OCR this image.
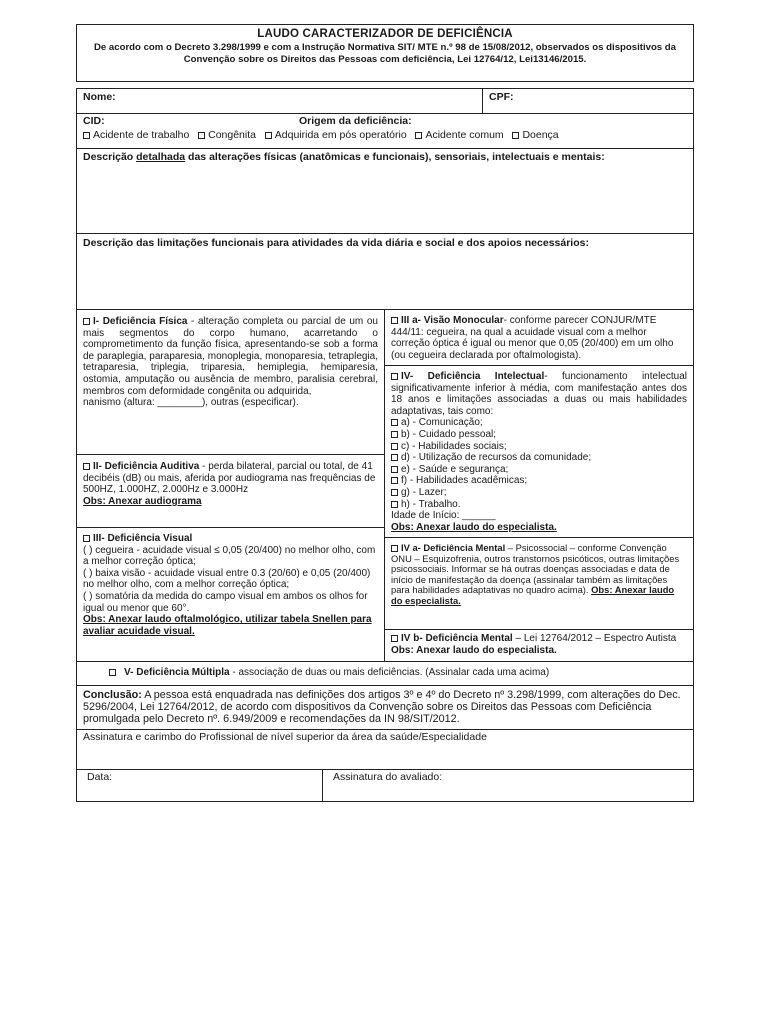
LAUDO CARACTERIZADOR DE DEFICIÊNCIA
De acordo com o Decreto 3.298/1999 e com a Instrução Normativa SIT/ MTE n.º 98 de 15/08/2012, observados os dispositivos da Convenção sobre os Direitos das Pessoas com deficiência, Lei 12764/12, Lei13146/2015.
Nome:	CPF:
CID:	Origem da deficiência:
Acidente de trabalho Congênita Adquirida em pós operatório Acidente comum Doença
Descrição detalhada das alterações físicas (anatômicas e funcionais), sensoriais, intelectuais e mentais:
Descrição das limitações funcionais para atividades da vida diária e social e dos apoios necessários:
I- Deficiência Física - alteração completa ou parcial de um ou mais segmentos do corpo humano, acarretando o comprometimento da função física, apresentando-se sob a forma de paraplegia, paraparesia, monoplegia, monoparesia, tetraplegia, tetraparesia, triplegia, triparesia, hemiplegia, hemiparesia, ostomia, amputação ou ausência de membro, paralisia cerebral, membros com deformidade congênita ou adquirida,
nanismo (altura: ________), outras (especificar).
II- Deficiência Auditiva - perda bilateral, parcial ou total, de 41 decibéis (dB) ou mais, aferida por audiograma nas frequências de 500HZ, 1.000HZ, 2.000Hz e 3.000Hz
Obs: Anexar audiograma
III- Deficiência Visual
( ) cegueira - acuidade visual ≤ 0,05 (20/400) no melhor olho, com a melhor correção óptica;
( ) baixa visão - acuidade visual entre 0.3 (20/60) e 0,05 (20/400) no melhor olho, com a melhor correção óptica;
( ) somatória da medida do campo visual em ambos os olhos for igual ou menor que 60°.
Obs: Anexar laudo oftalmológico, utilizar tabela Snellen para avaliar acuidade visual.
III a- Visão Monocular- conforme parecer CONJUR/MTE 444/11: cegueira, na qual a acuidade visual com a melhor correção óptica é igual ou menor que 0,05 (20/400) em um olho (ou cegueira declarada por oftalmologista).
IV- Deficiência Intelectual- funcionamento intelectual significativamente inferior à média, com manifestação antes dos 18 anos e limitações associadas a duas ou mais habilidades adaptativas, tais como:
a) - Comunicação;
b) - Cuidado pessoal;
c) - Habilidades sociais;
d) - Utilização de recursos da comunidade;
e) - Saúde e segurança;
f) - Habilidades acadêmicas;
g) - Lazer;
h) - Trabalho.
Idade de Início: ______
Obs: Anexar laudo do especialista.
IV a- Deficiência Mental – Psicossocial – conforme Convenção ONU – Esquizofrenia, outros transtornos psicóticos, outras limitações psicossociais. Informar se há outras doenças associadas e data de início de manifestação da doença (assinalar também as limitações para habilidades adaptativas no quadro acima). Obs: Anexar laudo do especialista.
IV b- Deficiência Mental – Lei 12764/2012 – Espectro Autista Obs: Anexar laudo do especialista.
V- Deficiência Múltipla - associação de duas ou mais deficiências. (Assinalar cada uma acima)
Conclusão: A pessoa está enquadrada nas definições dos artigos 3º e 4º do Decreto nº 3.298/1999, com alterações do Dec. 5296/2004, Lei 12764/2012, de acordo com dispositivos da Convenção sobre os Direitos das Pessoas com Deficiência promulgada pelo Decreto nº. 6.949/2009 e recomendações da IN 98/SIT/2012.
Assinatura e carimbo do Profissional de nível superior da área da saúde/Especialidade
Data:	Assinatura do avaliado:
